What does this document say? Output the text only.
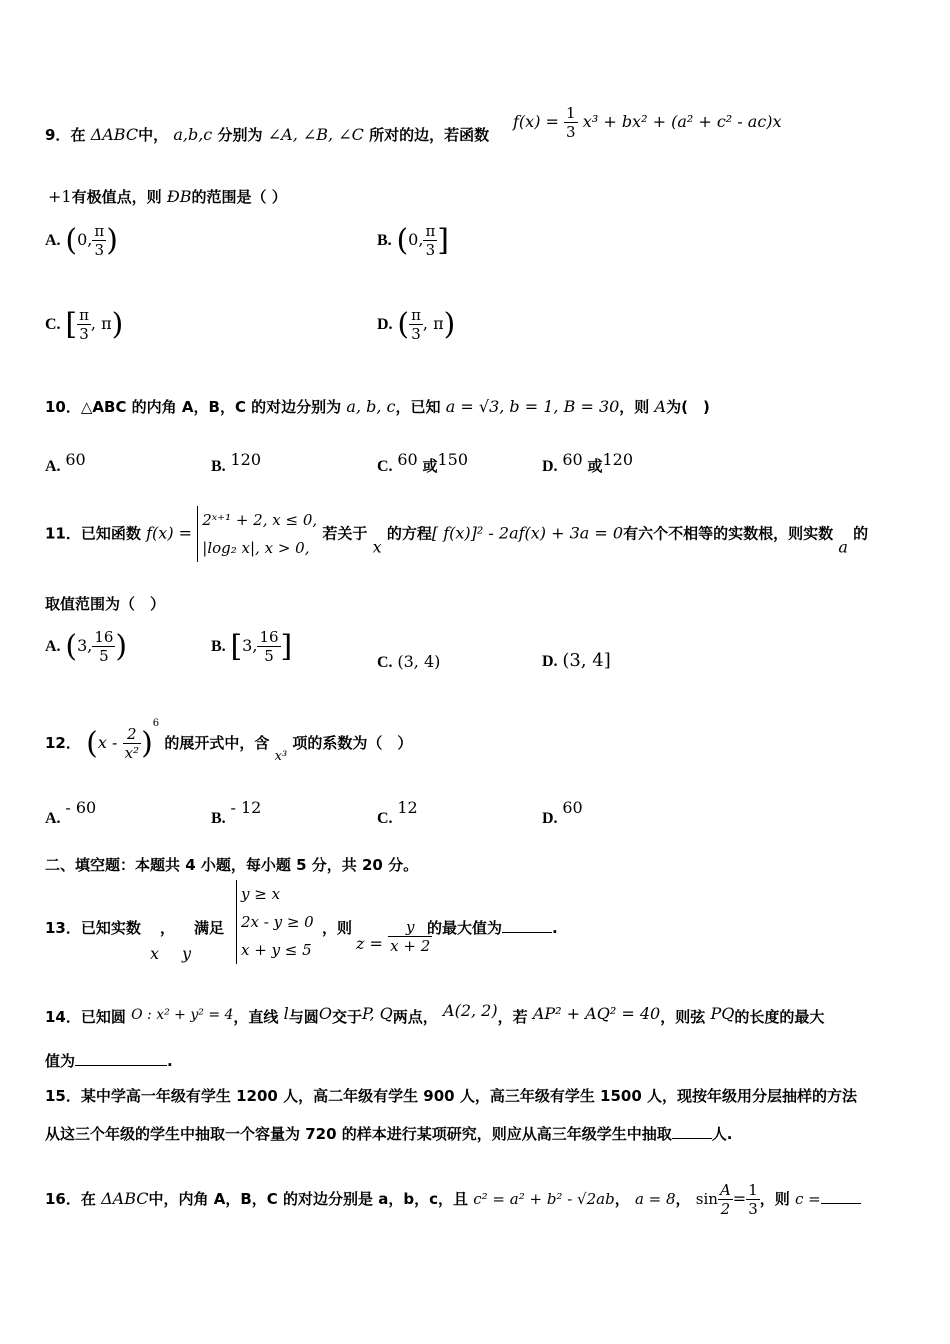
9．在 ΔABC中， a,b,c 分别为 ∠A, ∠B, ∠C 所对的边，若函数
$f(x) = \frac{1}{3} x^3 + bx^2 + (a^2 + c^2 - ac)x$
+1有极值点，则 ÐB的范围是（ ）
A. (0, $\frac{\pi}{3}$ )	B. (0, $\frac{\pi}{3}$ ]
C. [ $\frac{\pi}{3}$ , π)	D. ( $\frac{\pi}{3}$ , π)
10．△ABC 的内角 A，B，C 的对边分别为 a, b, c，已知 a = √3, b = 1, B = 30，则 A为(　)
A. 60	B. 120	C. 60 或150	D. 60 或120
11．已知函数 f(x) =
2ˣ⁺¹ + 2, x ≤ 0,
|log₂ x|, x > 0,
若关于 x 的方程[ f(x)]² - 2af(x) + 3a = 0有六个不相等的实数根，则实数 a 的
取值范围为（　）
A. (3, $\frac{16}{5}$ )	B. [3, $\frac{16}{5}$ ]	C. (3, 4)	D. (3, 4]
12． $(x - \frac{2}{\text{x²}} )^6$ 的展开式中，含 x³ 项的系数为（　）
A. - 60
B. - 12
C. 12
D. 60
二、填空题：本题共 4 小题，每小题 5 分，共 20 分。
13．已知实数 ， 满足
x y
y ≥ x
2x - y ≥ 0
x + y ≤ 5
，则
$z = \frac{y}{x + 2}$
的最大值为	.
14．已知圆 O : x² + y² = 4，直线 l与圆O交于P, Q两点， A(2, 2)，若 AP² + AQ² = 40，则弦 PQ的长度的最大
值为	.
15．某中学高一年级有学生 1200 人，高二年级有学生 900 人，高三年级有学生 1500 人，现按年级用分层抽样的方法
从这三个年级的学生中抽取一个容量为 720 的样本进行某项研究，则应从高三年级学生中抽取	人.
16．在 ΔABC中，内角 A，B，C 的对边分别是 a，b，c，且 c² = a² + b² - √2ab， a = 8， $\sin \frac{A}{2} = \frac{1}{3}$ ，则 c =
